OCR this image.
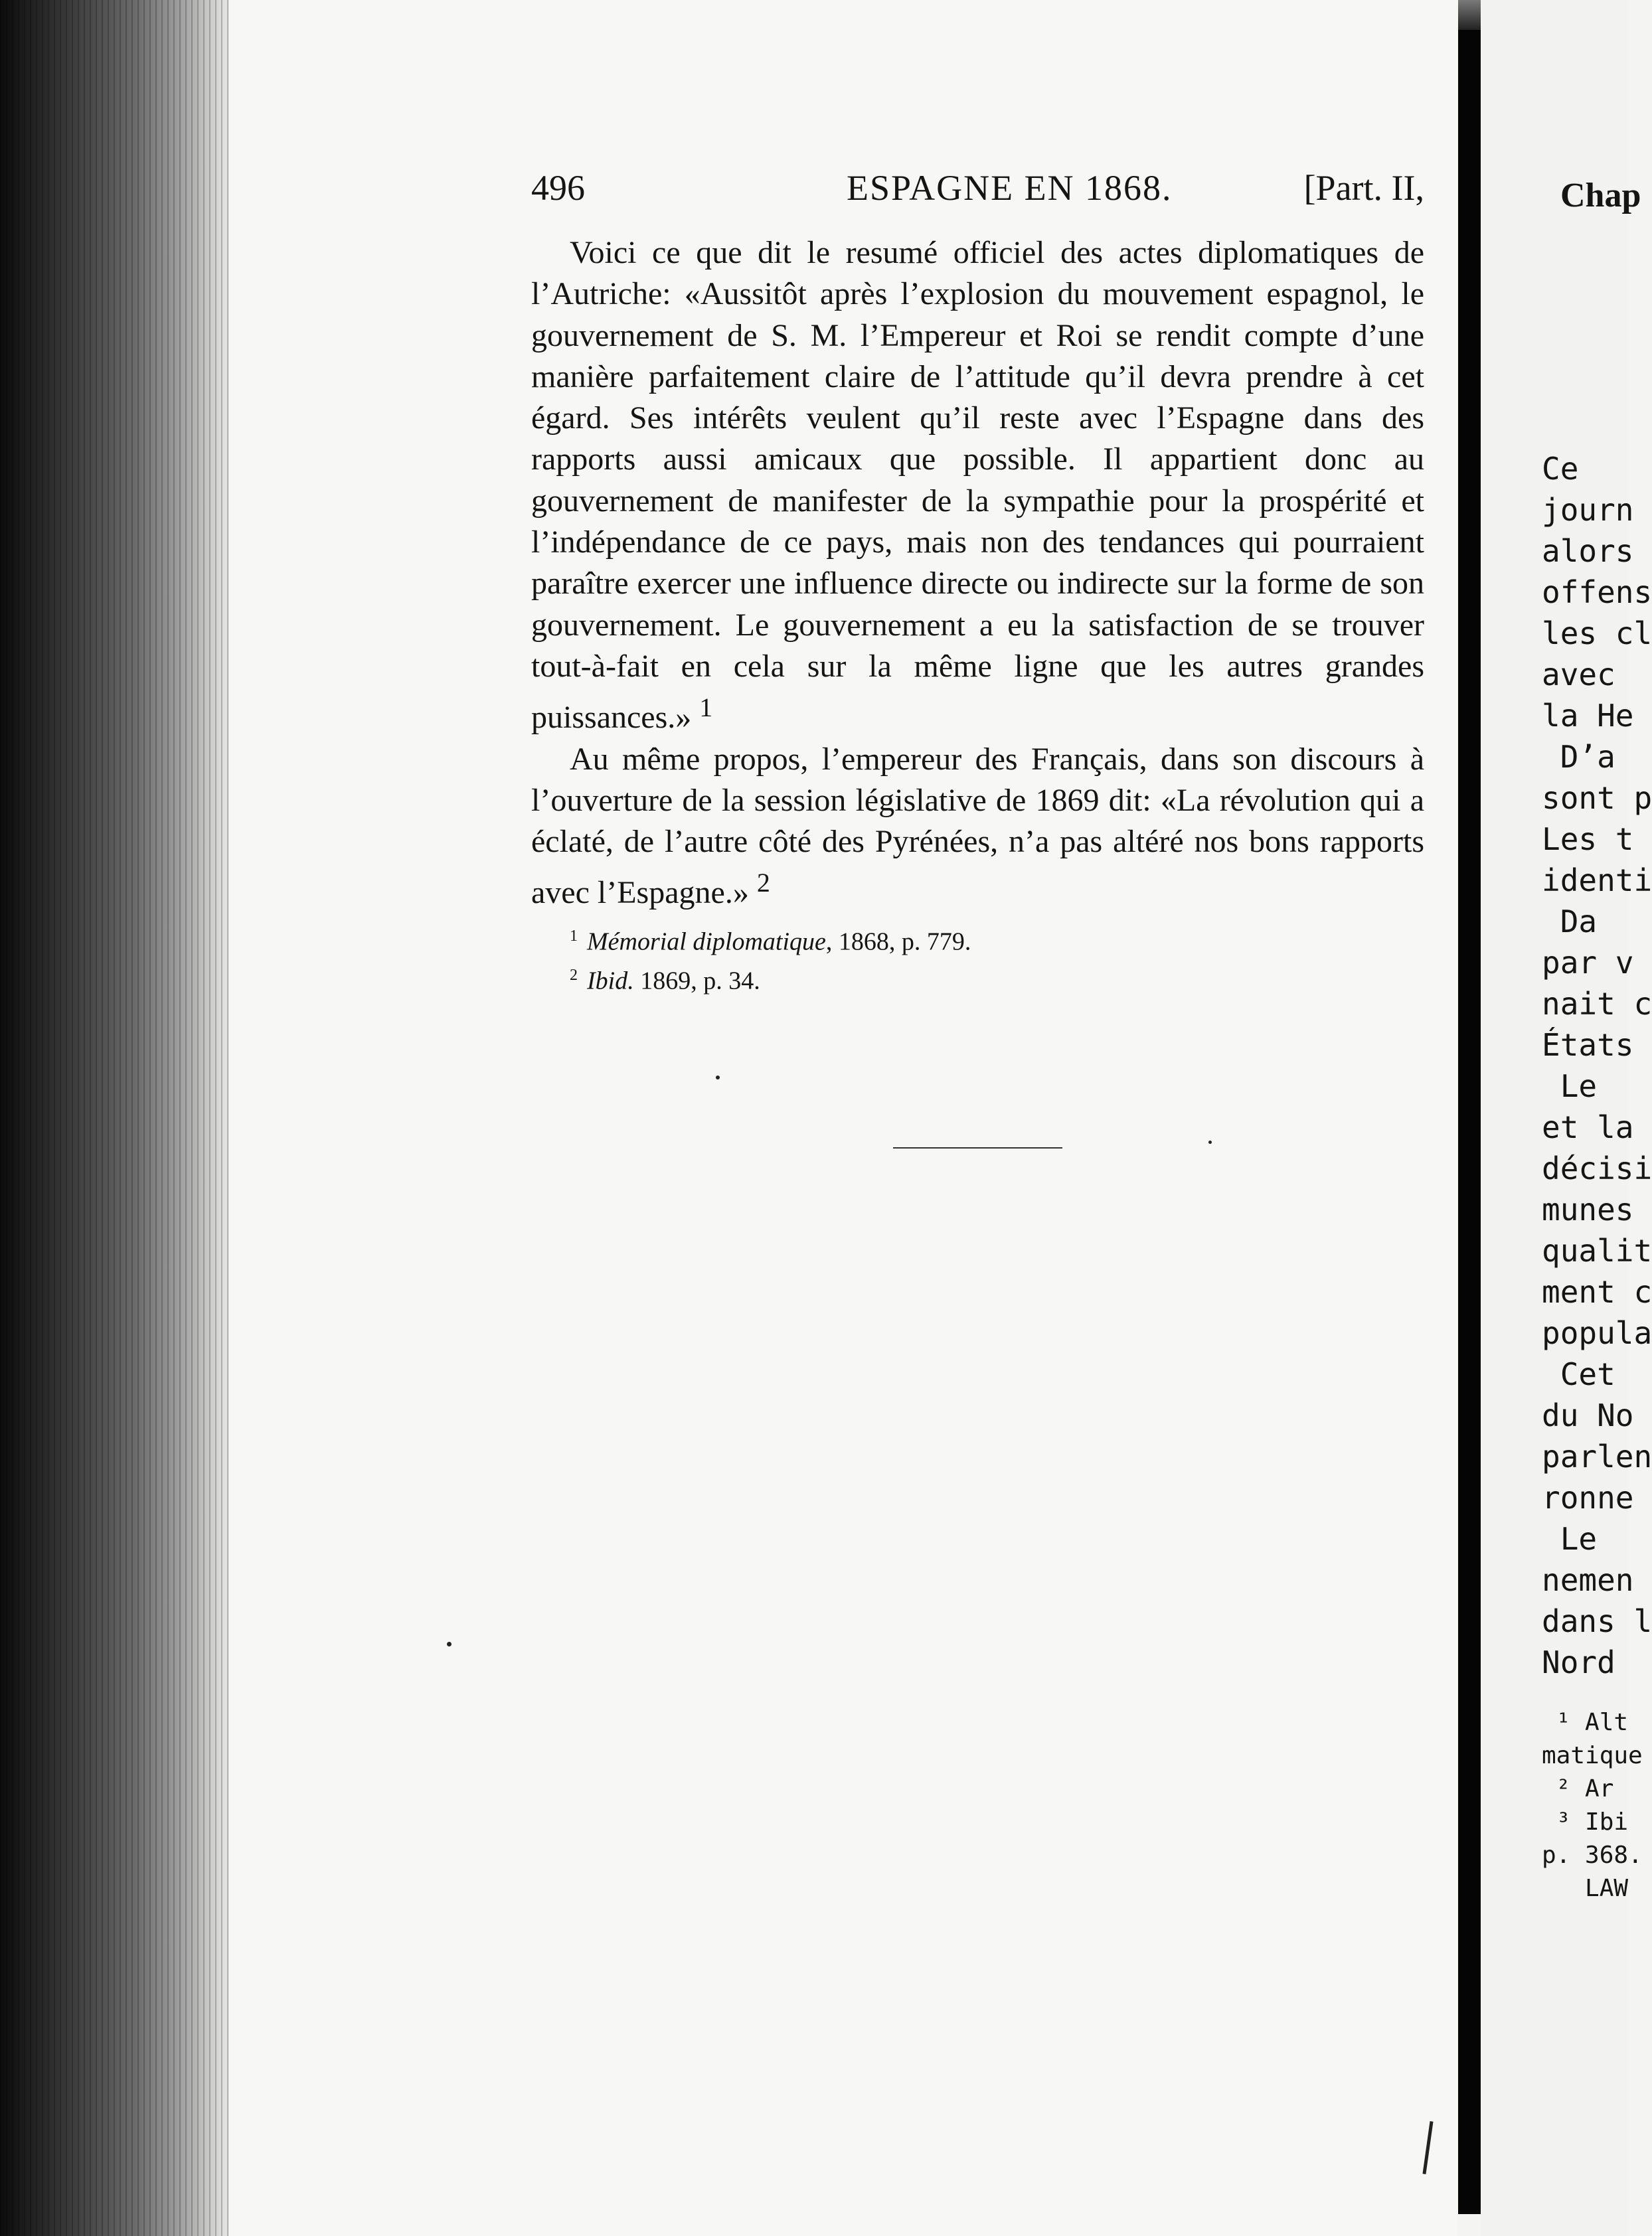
496	ESPAGNE EN 1868.	[Part. II,

Voici ce que dit le resumé officiel des actes diplomatiques de l’Autriche: «Aussitôt après l’explosion du mouvement espagnol, le gouvernement de S. M. l’Empereur et Roi se rendit compte d’une manière parfaitement claire de l’attitude qu’il devra prendre à cet égard. Ses intérêts veulent qu’il reste avec l’Espagne dans des rapports aussi amicaux que possible. Il appartient donc au gouvernement de manifester de la sympathie pour la prospérité et l’indépendance de ce pays, mais non des tendances qui pourraient paraître exercer une influence directe ou indirecte sur la forme de son gouvernement. Le gouvernement a eu la satisfaction de se trouver tout-à-fait en cela sur la même ligne que les autres grandes puissances.» $^1$

Au même propos, l’empereur des Français, dans son discours à l’ouverture de la session législative de 1869 dit: «La révolution qui a éclaté, de l’autre côté des Pyrénées, n’a pas altéré nos bons rapports avec l’Espagne.» $^2$

$^1$ Mémorial diplomatique, 1868, p. 779.

$^2$ Ibid. 1869, p. 34.

Chap
Ce
journ
alors
offens
les cl
avec
la He
D’a
sont p
Les t
identi
Da
par v
nait c
États
Le
et la
décisi
munes
qualit
ment c
popula
Cet
du No
parlen
ronne
Le
nemen
dans l
Nord
¹ Alt
matique
² Ar
³ Ibi
p. 368.
LAW
